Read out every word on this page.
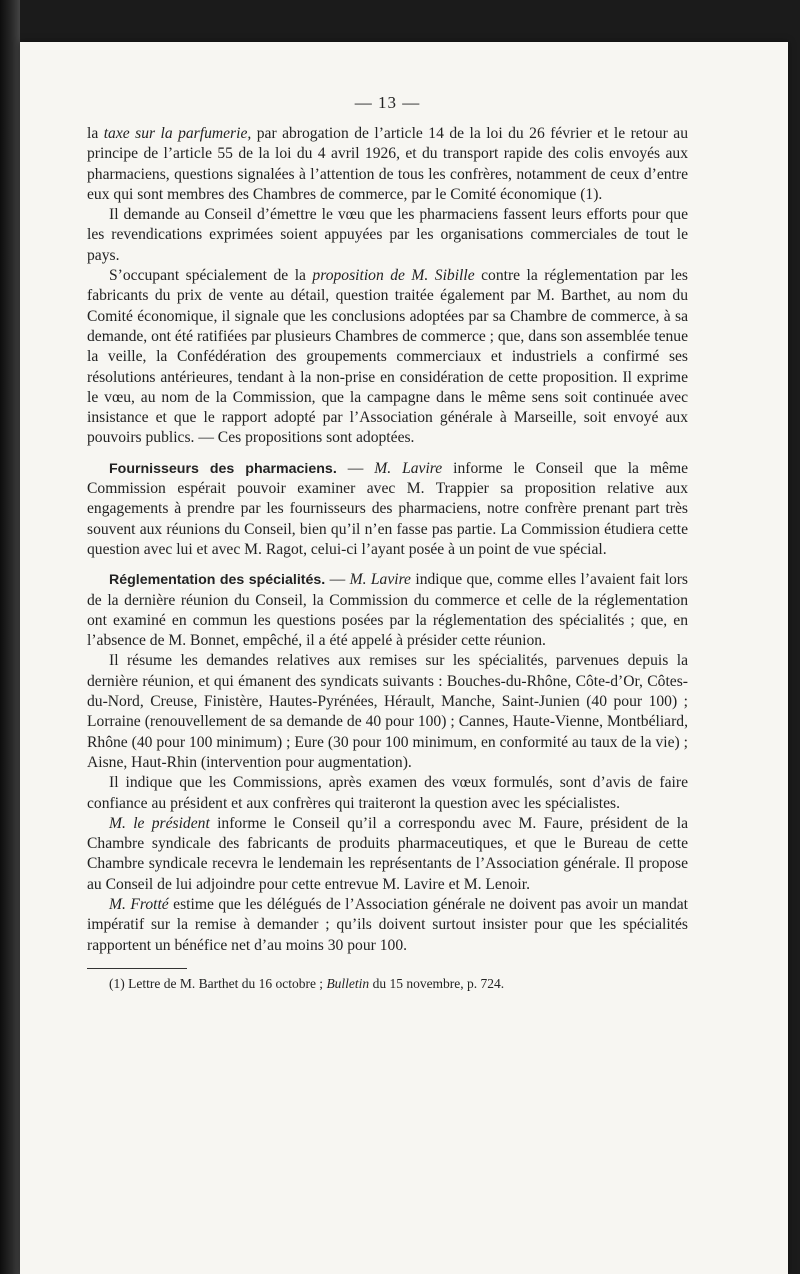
— 13 —

la taxe sur la parfumerie, par abrogation de l’article 14 de la loi du 26 février et le retour au principe de l’article 55 de la loi du 4 avril 1926, et du transport rapide des colis envoyés aux pharmaciens, questions signalées à l’attention de tous les confrères, notamment de ceux d’entre eux qui sont membres des Chambres de commerce, par le Comité économique (1).

Il demande au Conseil d’émettre le vœu que les pharmaciens fassent leurs efforts pour que les revendications exprimées soient appuyées par les organisations commerciales de tout le pays.

S’occupant spécialement de la proposition de M. Sibille contre la réglementation par les fabricants du prix de vente au détail, question traitée également par M. Barthet, au nom du Comité économique, il signale que les conclusions adoptées par sa Chambre de commerce, à sa demande, ont été ratifiées par plusieurs Chambres de commerce ; que, dans son assemblée tenue la veille, la Confédération des groupements commerciaux et industriels a confirmé ses résolutions antérieures, tendant à la non-prise en considération de cette proposition. Il exprime le vœu, au nom de la Commission, que la campagne dans le même sens soit continuée avec insistance et que le rapport adopté par l’Association générale à Marseille, soit envoyé aux pouvoirs publics. — Ces propositions sont adoptées.

Fournisseurs des pharmaciens. — M. Lavire informe le Conseil que la même Commission espérait pouvoir examiner avec M. Trappier sa proposition relative aux engagements à prendre par les fournisseurs des pharmaciens, notre confrère prenant part très souvent aux réunions du Conseil, bien qu’il n’en fasse pas partie. La Commission étudiera cette question avec lui et avec M. Ragot, celui-ci l’ayant posée à un point de vue spécial.

Réglementation des spécialités. — M. Lavire indique que, comme elles l’avaient fait lors de la dernière réunion du Conseil, la Commission du commerce et celle de la réglementation ont examiné en commun les questions posées par la réglementation des spécialités ; que, en l’absence de M. Bonnet, empêché, il a été appelé à présider cette réunion.

Il résume les demandes relatives aux remises sur les spécialités, parvenues depuis la dernière réunion, et qui émanent des syndicats suivants : Bouches-du-Rhône, Côte-d’Or, Côtes-du-Nord, Creuse, Finistère, Hautes-Pyrénées, Hérault, Manche, Saint-Junien (40 pour 100) ; Lorraine (renouvellement de sa demande de 40 pour 100) ; Cannes, Haute-Vienne, Montbéliard, Rhône (40 pour 100 minimum) ; Eure (30 pour 100 minimum, en conformité au taux de la vie) ; Aisne, Haut-Rhin (intervention pour augmentation).

Il indique que les Commissions, après examen des vœux formulés, sont d’avis de faire confiance au président et aux confrères qui traiteront la question avec les spécialistes.

M. le président informe le Conseil qu’il a correspondu avec M. Faure, président de la Chambre syndicale des fabricants de produits pharmaceutiques, et que le Bureau de cette Chambre syndicale recevra le lendemain les représentants de l’Association générale. Il propose au Conseil de lui adjoindre pour cette entrevue M. Lavire et M. Lenoir.

M. Frotté estime que les délégués de l’Association générale ne doivent pas avoir un mandat impératif sur la remise à demander ; qu’ils doivent surtout insister pour que les spécialités rapportent un bénéfice net d’au moins 30 pour 100.

(1) Lettre de M. Barthet du 16 octobre ; Bulletin du 15 novembre, p. 724.
